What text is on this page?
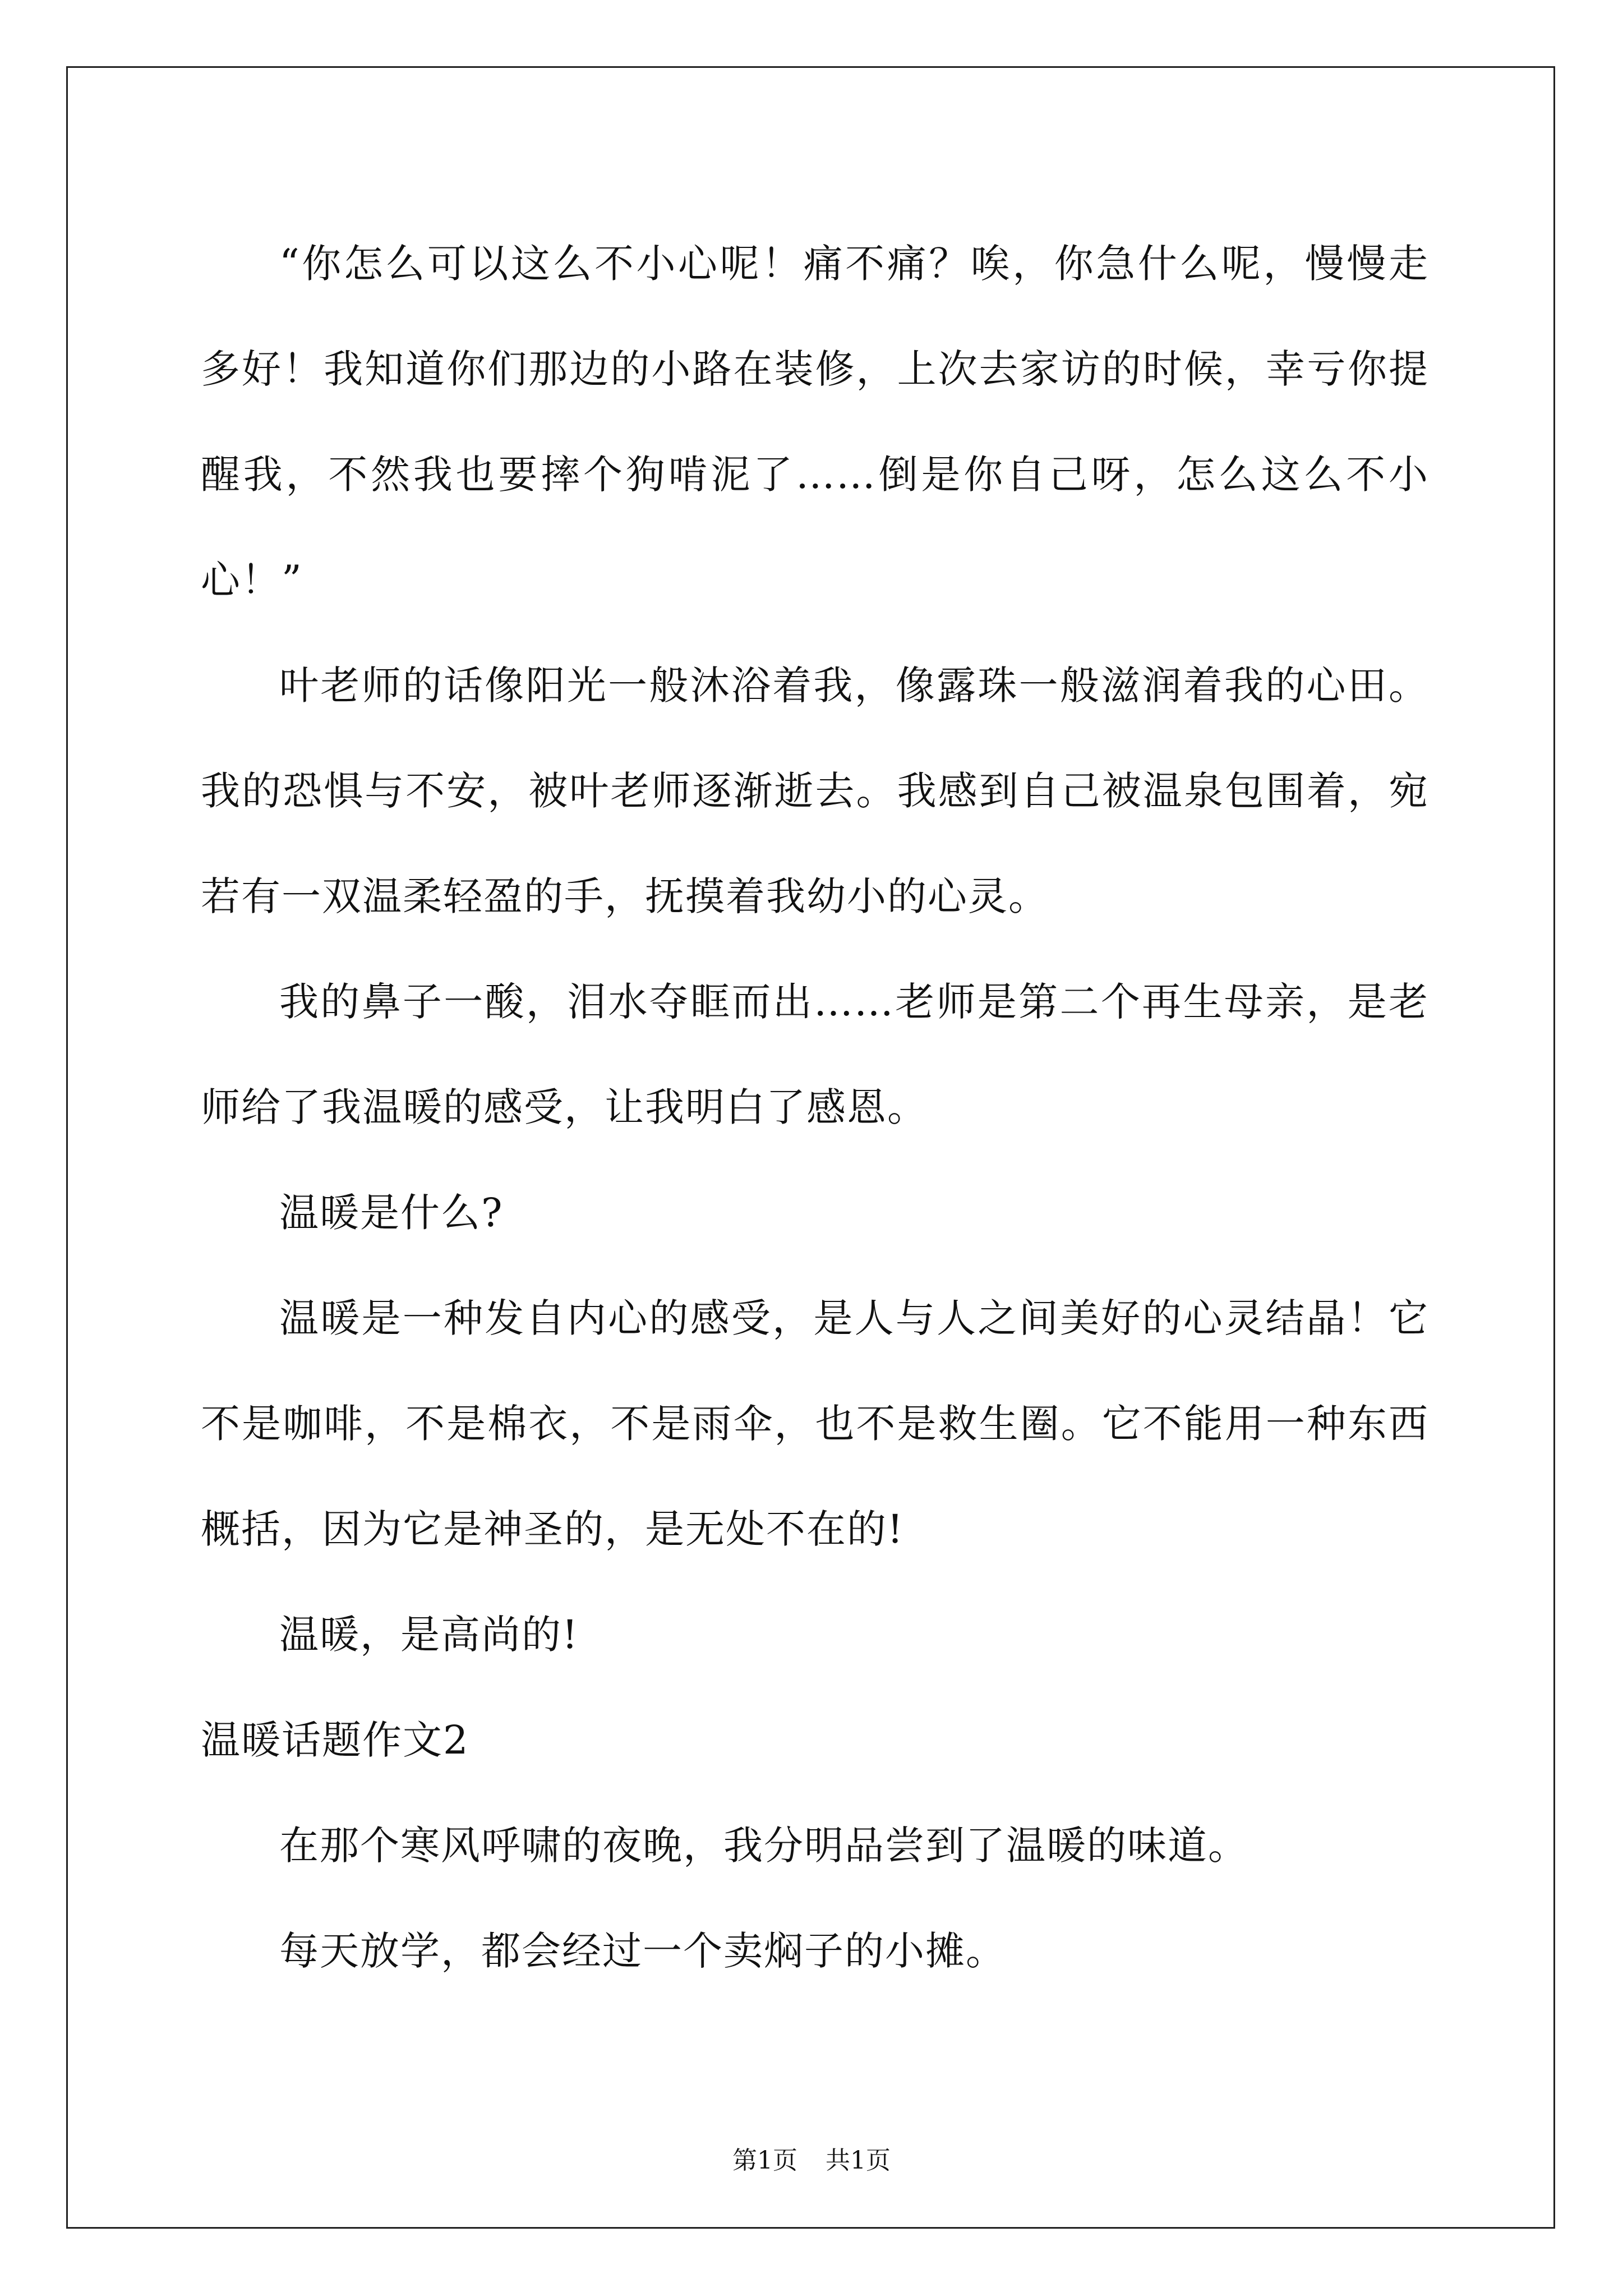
“你怎么可以这么不小心呢！痛不痛？唉，你急什么呢，慢慢走多好！我知道你们那边的小路在装修，上次去家访的时候，幸亏你提醒我，不然我也要摔个狗啃泥了……倒是你自己呀，怎么这么不小心！”

叶老师的话像阳光一般沐浴着我，像露珠一般滋润着我的心田。我的恐惧与不安，被叶老师逐渐逝去。我感到自己被温泉包围着，宛若有一双温柔轻盈的手，抚摸着我幼小的心灵。

我的鼻子一酸，泪水夺眶而出……老师是第二个再生母亲，是老师给了我温暖的感受，让我明白了感恩。

温暖是什么?

温暖是一种发自内心的感受，是人与人之间美好的心灵结晶！它不是咖啡，不是棉衣，不是雨伞，也不是救生圈。它不能用一种东西概括，因为它是神圣的，是无处不在的!

温暖，是高尚的!

温暖话题作文2

在那个寒风呼啸的夜晚，我分明品尝到了温暖的味道。

每天放学，都会经过一个卖焖子的小摊。

第1页 共1页
